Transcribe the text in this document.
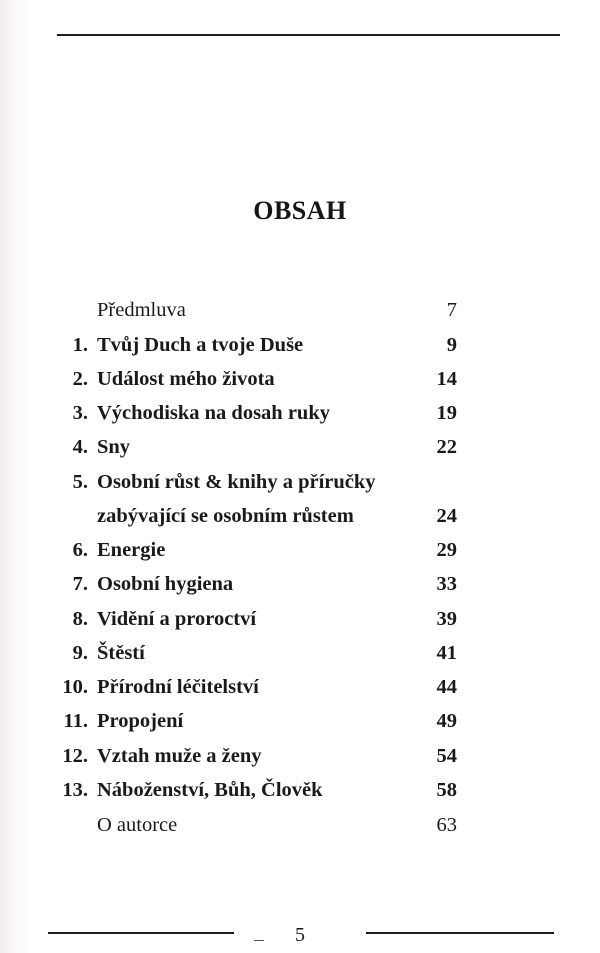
OBSAH
Předmluva	7
1. Tvůj Duch a tvoje Duše	9
2. Událost mého života	14
3. Východiska na dosah ruky	19
4. Sny	22
5. Osobní růst & knihy a příručky
zabývající se osobním růstem	24
6. Energie	29
7. Osobní hygiena	33
8. Vidění a proroctví	39
9. Štěstí	41
10. Přírodní léčitelství	44
11. Propojení	49
12. Vztah muže a ženy	54
13. Náboženství, Bůh, Člověk	58
O autorce	63
5
